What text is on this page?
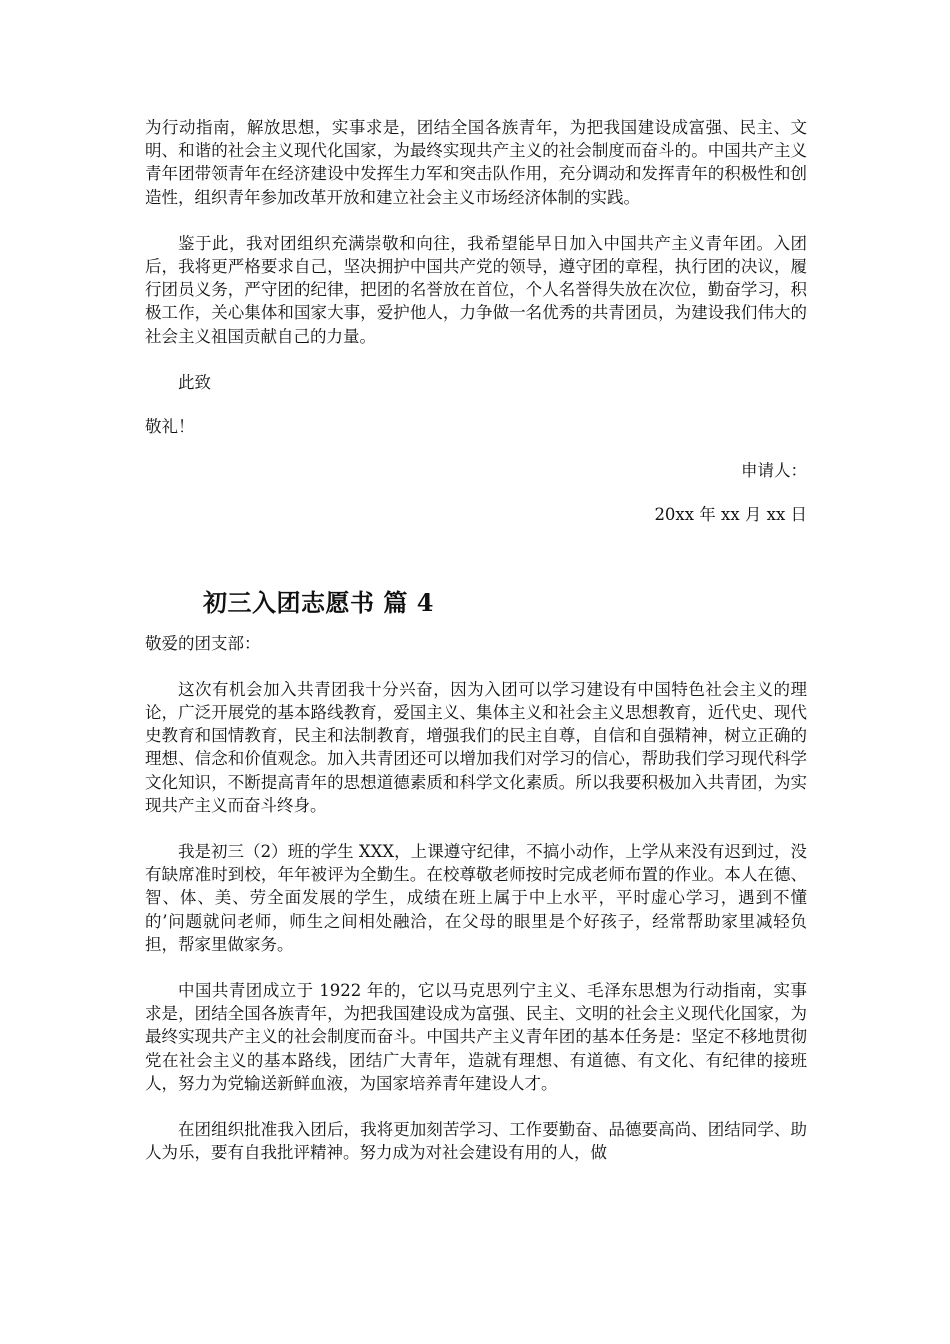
为行动指南，解放思想，实事求是，团结全国各族青年，为把我国建设成富强、民主、文明、和谐的社会主义现代化国家，为最终实现共产主义的社会制度而奋斗的。中国共产主义青年团带领青年在经济建设中发挥生力军和突击队作用，充分调动和发挥青年的积极性和创造性，组织青年参加改革开放和建立社会主义市场经济体制的实践。

鉴于此，我对团组织充满崇敬和向往，我希望能早日加入中国共产主义青年团。入团后，我将更严格要求自己，坚决拥护中国共产党的领导，遵守团的章程，执行团的决议，履行团员义务，严守团的纪律，把团的名誉放在首位，个人名誉得失放在次位，勤奋学习，积极工作，关心集体和国家大事，爱护他人，力争做一名优秀的共青团员，为建设我们伟大的社会主义祖国贡献自己的力量。

此致

敬礼！

申请人：

20xx 年 xx 月 xx 日

初三入团志愿书 篇 4

敬爱的团支部：

这次有机会加入共青团我十分兴奋，因为入团可以学习建设有中国特色社会主义的理论，广泛开展党的基本路线教育，爱国主义、集体主义和社会主义思想教育，近代史、现代史教育和国情教育，民主和法制教育，增强我们的民主自尊，自信和自强精神，树立正确的理想、信念和价值观念。加入共青团还可以增加我们对学习的信心，帮助我们学习现代科学文化知识，不断提高青年的思想道德素质和科学文化素质。所以我要积极加入共青团，为实现共产主义而奋斗终身。

我是初三（2）班的学生 XXX，上课遵守纪律，不搞小动作，上学从来没有迟到过，没有缺席准时到校，年年被评为全勤生。在校尊敬老师按时完成老师布置的作业。本人在德、智、体、美、劳全面发展的学生，成绩在班上属于中上水平，平时虚心学习，遇到不懂的’问题就问老师，师生之间相处融洽，在父母的眼里是个好孩子，经常帮助家里减轻负担，帮家里做家务。

中国共青团成立于 1922 年的，它以马克思列宁主义、毛泽东思想为行动指南，实事求是，团结全国各族青年，为把我国建设成为富强、民主、文明的社会主义现代化国家，为最终实现共产主义的社会制度而奋斗。中国共产主义青年团的基本任务是：坚定不移地贯彻党在社会主义的基本路线，团结广大青年，造就有理想、有道德、有文化、有纪律的接班人，努力为党输送新鲜血液，为国家培养青年建设人才。

在团组织批准我入团后，我将更加刻苦学习、工作要勤奋、品德要高尚、团结同学、助人为乐，要有自我批评精神。努力成为对社会建设有用的人，做
